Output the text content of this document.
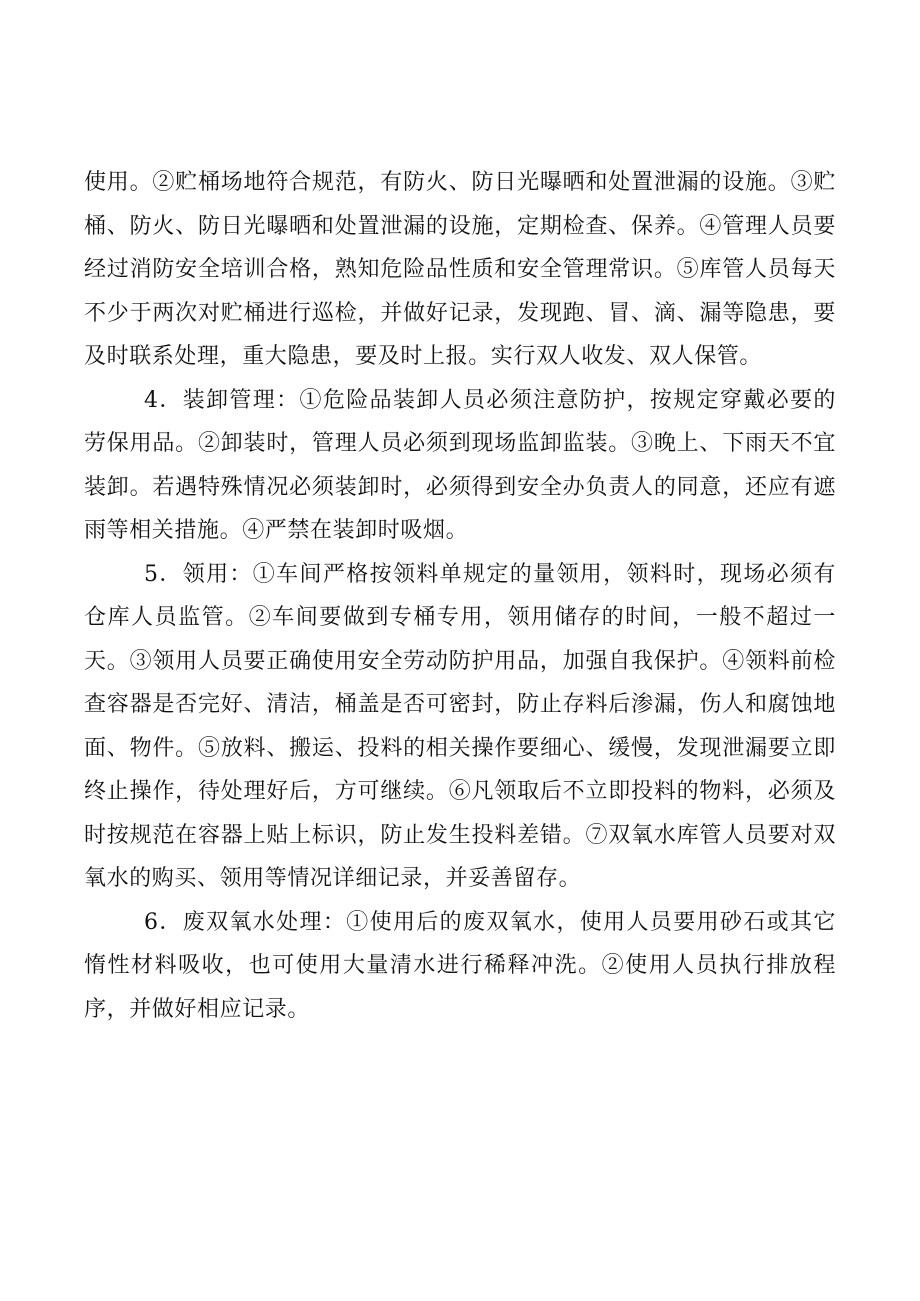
使用。②贮桶场地符合规范，有防火、防日光曝晒和处置泄漏的设施。③贮桶、防火、防日光曝晒和处置泄漏的设施，定期检查、保养。④管理人员要经过消防安全培训合格，熟知危险品性质和安全管理常识。⑤库管人员每天不少于两次对贮桶进行巡检，并做好记录，发现跑、冒、滴、漏等隐患，要及时联系处理，重大隐患，要及时上报。实行双人收发、双人保管。

4．装卸管理：①危险品装卸人员必须注意防护，按规定穿戴必要的劳保用品。②卸装时，管理人员必须到现场监卸监装。③晚上、下雨天不宜装卸。若遇特殊情况必须装卸时，必须得到安全办负责人的同意，还应有遮雨等相关措施。④严禁在装卸时吸烟。

5．领用：①车间严格按领料单规定的量领用，领料时，现场必须有仓库人员监管。②车间要做到专桶专用，领用储存的时间，一般不超过一天。③领用人员要正确使用安全劳动防护用品，加强自我保护。④领料前检查容器是否完好、清洁，桶盖是否可密封，防止存料后渗漏，伤人和腐蚀地面、物件。⑤放料、搬运、投料的相关操作要细心、缓慢，发现泄漏要立即终止操作，待处理好后，方可继续。⑥凡领取后不立即投料的物料，必须及时按规范在容器上贴上标识，防止发生投料差错。⑦双氧水库管人员要对双氧水的购买、领用等情况详细记录，并妥善留存。

6．废双氧水处理：①使用后的废双氧水，使用人员要用砂石或其它惰性材料吸收，也可使用大量清水进行稀释冲洗。②使用人员执行排放程序，并做好相应记录。
